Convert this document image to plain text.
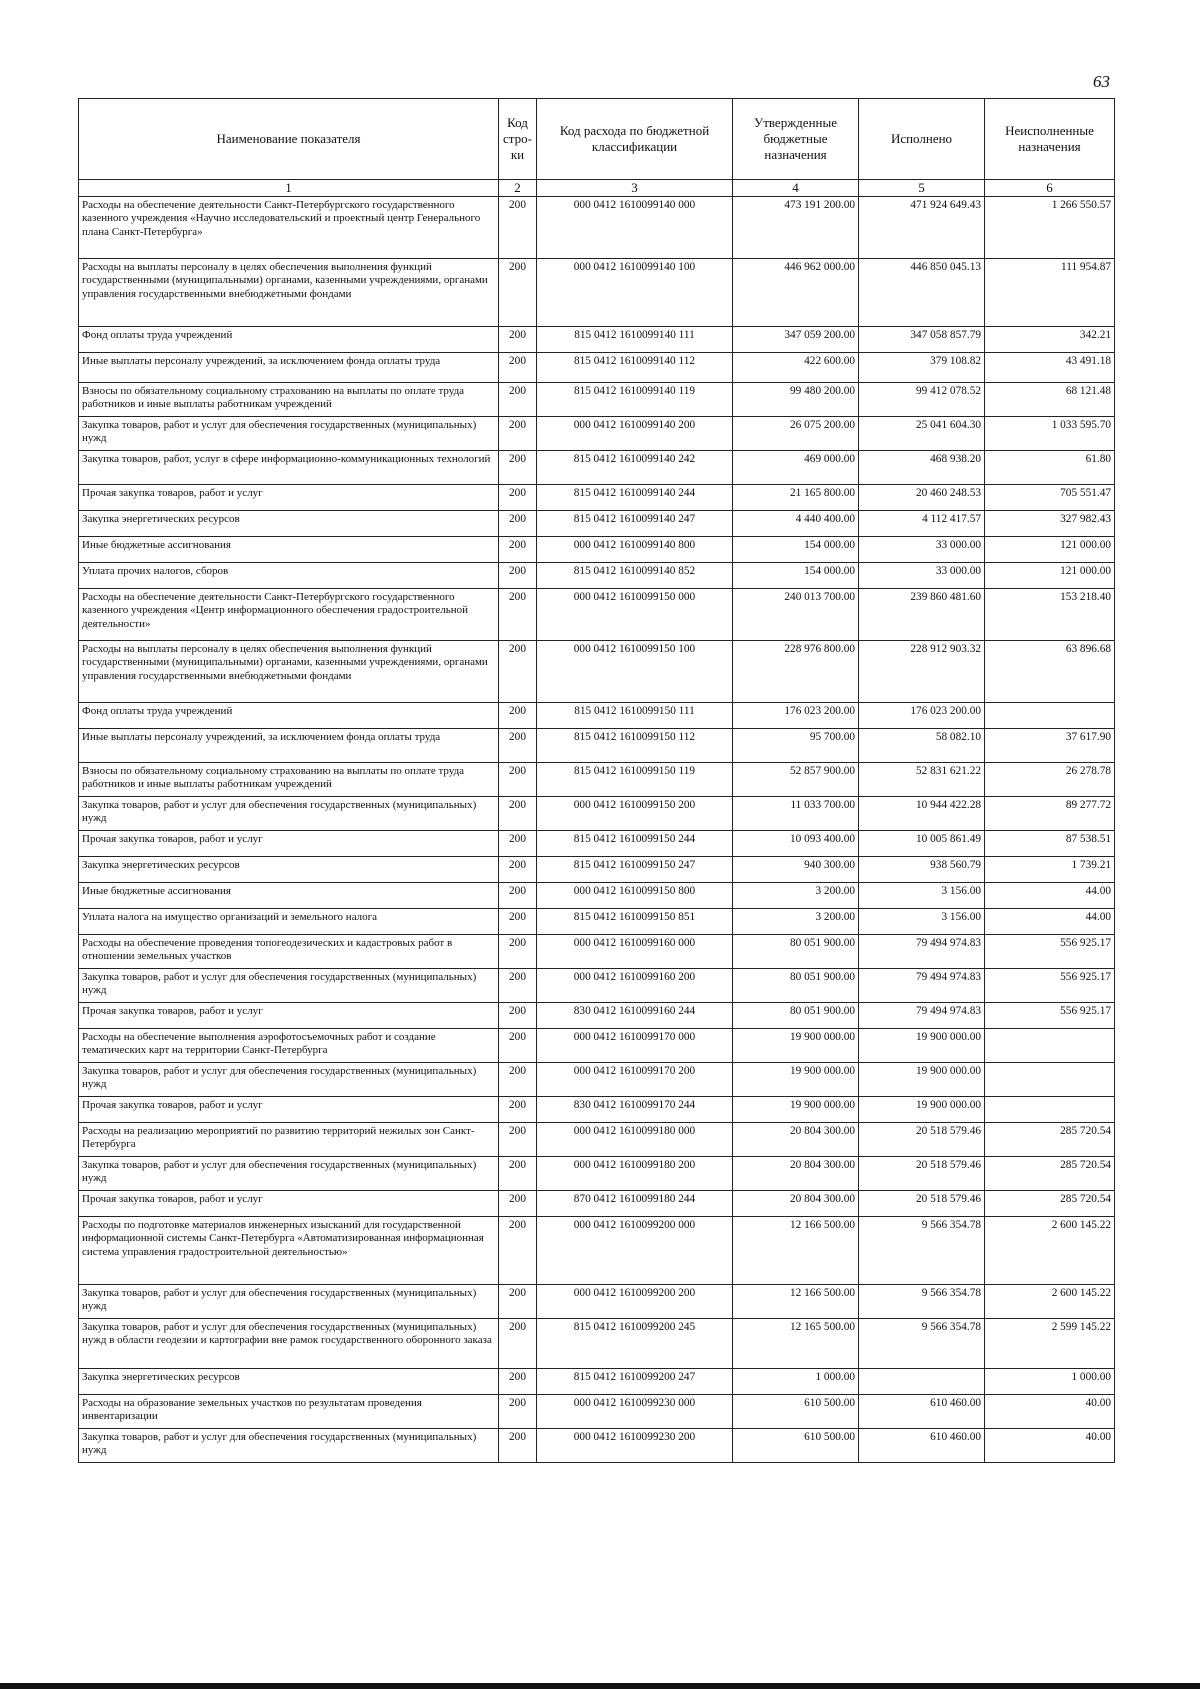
63
Наименование показателя	Код стро-ки	Код расхода по бюджетной классификации	Утвержденные бюджетные назначения	Исполнено	Неисполненные назначения
1	2	3	4	5	6
Расходы на обеспечение деятельности Санкт-Петербургского государственного казенного учреждения «Научно исследовательский и проектный центр Генерального плана Санкт-Петербурга»	200	000 0412 1610099140 000	473 191 200.00	471 924 649.43	1 266 550.57
Расходы на выплаты персоналу в целях обеспечения выполнения функций государственными (муниципальными) органами, казенными учреждениями, органами управления государственными внебюджетными фондами	200	000 0412 1610099140 100	446 962 000.00	446 850 045.13	111 954.87
Фонд оплаты труда учреждений	200	815 0412 1610099140 111	347 059 200.00	347 058 857.79	342.21
Иные выплаты персоналу учреждений, за исключением фонда оплаты труда	200	815 0412 1610099140 112	422 600.00	379 108.82	43 491.18
Взносы по обязательному социальному страхованию на выплаты по оплате труда работников и иные выплаты работникам учреждений	200	815 0412 1610099140 119	99 480 200.00	99 412 078.52	68 121.48
Закупка товаров, работ и услуг для обеспечения государственных (муниципальных) нужд	200	000 0412 1610099140 200	26 075 200.00	25 041 604.30	1 033 595.70
Закупка товаров, работ, услуг в сфере информационно-коммуникационных технологий	200	815 0412 1610099140 242	469 000.00	468 938.20	61.80
Прочая закупка товаров, работ и услуг	200	815 0412 1610099140 244	21 165 800.00	20 460 248.53	705 551.47
Закупка энергетических ресурсов	200	815 0412 1610099140 247	4 440 400.00	4 112 417.57	327 982.43
Иные бюджетные ассигнования	200	000 0412 1610099140 800	154 000.00	33 000.00	121 000.00
Уплата прочих налогов, сборов	200	815 0412 1610099140 852	154 000.00	33 000.00	121 000.00
Расходы на обеспечение деятельности Санкт-Петербургского государственного казенного учреждения «Центр информационного обеспечения градостроительной деятельности»	200	000 0412 1610099150 000	240 013 700.00	239 860 481.60	153 218.40
Расходы на выплаты персоналу в целях обеспечения выполнения функций государственными (муниципальными) органами, казенными учреждениями, органами управления государственными внебюджетными фондами	200	000 0412 1610099150 100	228 976 800.00	228 912 903.32	63 896.68
Фонд оплаты труда учреждений	200	815 0412 1610099150 111	176 023 200.00	176 023 200.00	
Иные выплаты персоналу учреждений, за исключением фонда оплаты труда	200	815 0412 1610099150 112	95 700.00	58 082.10	37 617.90
Взносы по обязательному социальному страхованию на выплаты по оплате труда работников и иные выплаты работникам учреждений	200	815 0412 1610099150 119	52 857 900.00	52 831 621.22	26 278.78
Закупка товаров, работ и услуг для обеспечения государственных (муниципальных) нужд	200	000 0412 1610099150 200	11 033 700.00	10 944 422.28	89 277.72
Прочая закупка товаров, работ и услуг	200	815 0412 1610099150 244	10 093 400.00	10 005 861.49	87 538.51
Закупка энергетических ресурсов	200	815 0412 1610099150 247	940 300.00	938 560.79	1 739.21
Иные бюджетные ассигнования	200	000 0412 1610099150 800	3 200.00	3 156.00	44.00
Уплата налога на имущество организаций и земельного налога	200	815 0412 1610099150 851	3 200.00	3 156.00	44.00
Расходы на обеспечение проведения топогеодезических и кадастровых работ в отношении земельных участков	200	000 0412 1610099160 000	80 051 900.00	79 494 974.83	556 925.17
Закупка товаров, работ и услуг для обеспечения государственных (муниципальных) нужд	200	000 0412 1610099160 200	80 051 900.00	79 494 974.83	556 925.17
Прочая закупка товаров, работ и услуг	200	830 0412 1610099160 244	80 051 900.00	79 494 974.83	556 925.17
Расходы на обеспечение выполнения аэрофотосъемочных работ и создание тематических карт на территории Санкт-Петербурга	200	000 0412 1610099170 000	19 900 000.00	19 900 000.00	
Закупка товаров, работ и услуг для обеспечения государственных (муниципальных) нужд	200	000 0412 1610099170 200	19 900 000.00	19 900 000.00	
Прочая закупка товаров, работ и услуг	200	830 0412 1610099170 244	19 900 000.00	19 900 000.00	
Расходы на реализацию мероприятий по развитию территорий нежилых зон Санкт-Петербурга	200	000 0412 1610099180 000	20 804 300.00	20 518 579.46	285 720.54
Закупка товаров, работ и услуг для обеспечения государственных (муниципальных) нужд	200	000 0412 1610099180 200	20 804 300.00	20 518 579.46	285 720.54
Прочая закупка товаров, работ и услуг	200	870 0412 1610099180 244	20 804 300.00	20 518 579.46	285 720.54
Расходы по подготовке материалов инженерных изысканий для государственной информационной системы Санкт-Петербурга «Автоматизированная информационная система управления градостроительной деятельностью»	200	000 0412 1610099200 000	12 166 500.00	9 566 354.78	2 600 145.22
Закупка товаров, работ и услуг для обеспечения государственных (муниципальных) нужд	200	000 0412 1610099200 200	12 166 500.00	9 566 354.78	2 600 145.22
Закупка товаров, работ и услуг для обеспечения государственных (муниципальных) нужд в области геодезии и картографии вне рамок государственного оборонного заказа	200	815 0412 1610099200 245	12 165 500.00	9 566 354.78	2 599 145.22
Закупка энергетических ресурсов	200	815 0412 1610099200 247	1 000.00		1 000.00
Расходы на образование земельных участков по результатам проведения инвентаризации	200	000 0412 1610099230 000	610 500.00	610 460.00	40.00
Закупка товаров, работ и услуг для обеспечения государственных (муниципальных) нужд	200	000 0412 1610099230 200	610 500.00	610 460.00	40.00
